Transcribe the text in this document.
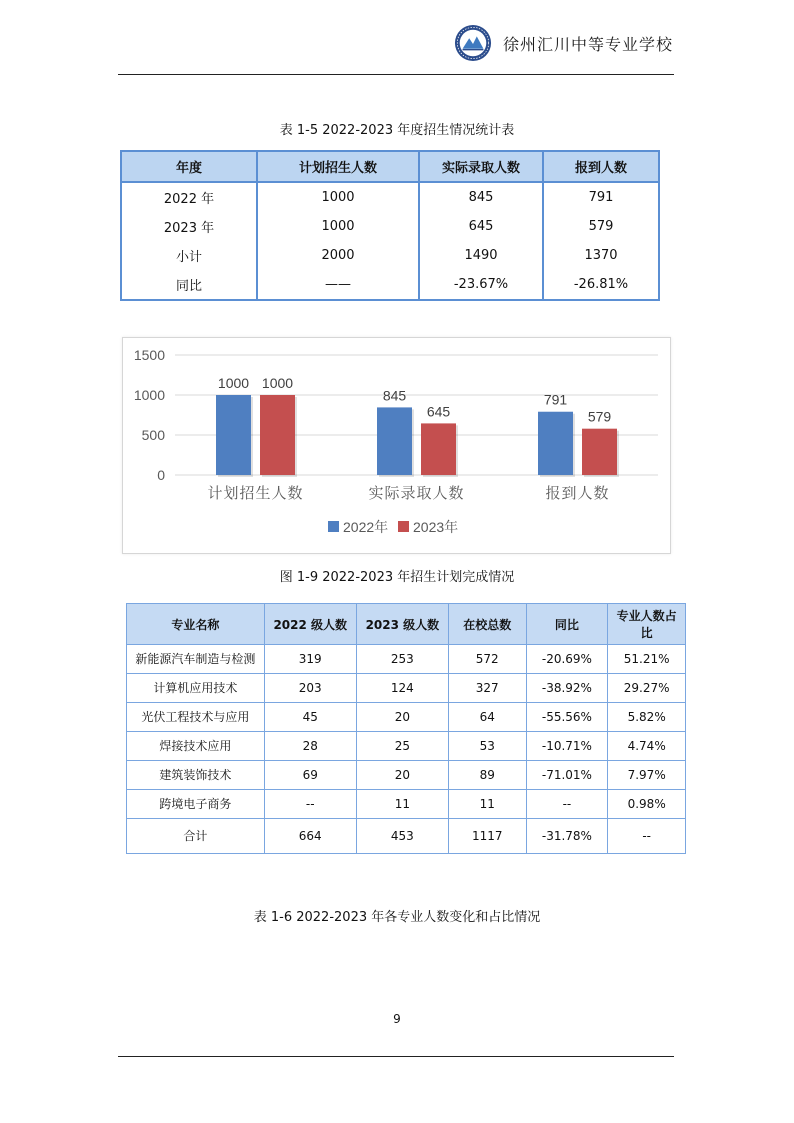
徐州汇川中等专业学校
表 1-5 2022-2023 年度招生情况统计表
年度	计划招生人数	实际录取人数	报到人数
2022 年	1000	845	791
2023 年	1000	645	579
小计	2000	1490	1370
同比	——	-23.67%	-26.81%
0
500
1000
1500
1000 1000
计划招生人数
845
645
实际录取人数
791
579
报到人数
2022年 2023年
图 1-9 2022-2023 年招生计划完成情况
专业名称	2022 级人数	2023 级人数	在校总数	同比	专业人数占比
新能源汽车制造与检测	319	253	572	-20.69%	51.21%
计算机应用技术	203	124	327	-38.92%	29.27%
光伏工程技术与应用	45	20	64	-55.56%	5.82%
焊接技术应用	28	25	53	-10.71%	4.74%
建筑装饰技术	69	20	89	-71.01%	7.97%
跨境电子商务	--	11	11	--	0.98%
合计	664	453	1117	-31.78%	--
表 1-6 2022-2023 年各专业人数变化和占比情况
9
